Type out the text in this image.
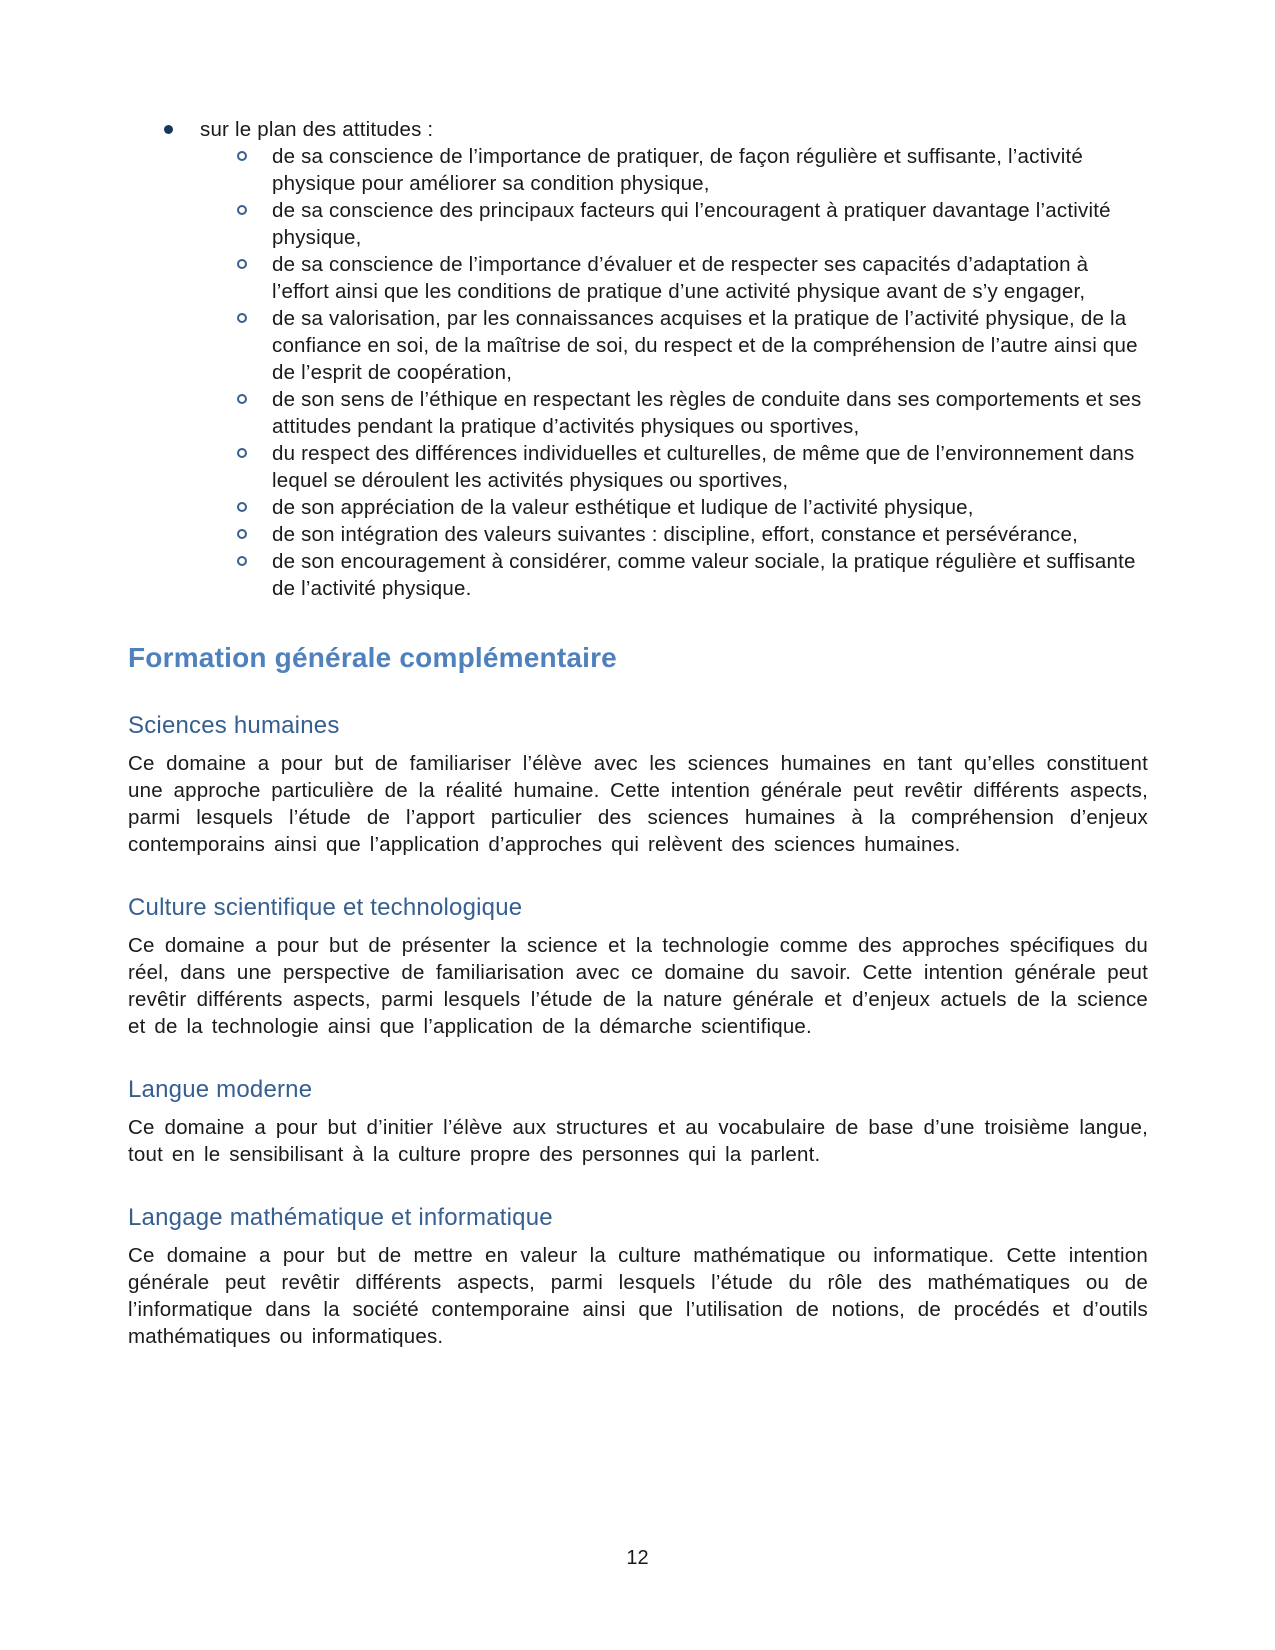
sur le plan des attitudes :
de sa conscience de l’importance de pratiquer, de façon régulière et suffisante, l’activité physique pour améliorer sa condition physique,
de sa conscience des principaux facteurs qui l’encouragent à pratiquer davantage l’activité physique,
de sa conscience de l’importance d’évaluer et de respecter ses capacités d’adaptation à l’effort ainsi que les conditions de pratique d’une activité physique avant de s’y engager,
de sa valorisation, par les connaissances acquises et la pratique de l’activité physique, de la confiance en soi, de la maîtrise de soi, du respect et de la compréhension de l’autre ainsi que de l’esprit de coopération,
de son sens de l’éthique en respectant les règles de conduite dans ses comportements et ses attitudes pendant la pratique d’activités physiques ou sportives,
du respect des différences individuelles et culturelles, de même que de l’environnement dans lequel se déroulent les activités physiques ou sportives,
de son appréciation de la valeur esthétique et ludique de l’activité physique,
de son intégration des valeurs suivantes : discipline, effort, constance et persévérance,
de son encouragement à considérer, comme valeur sociale, la pratique régulière et suffisante de l’activité physique.
Formation générale complémentaire
Sciences humaines

Ce domaine a pour but de familiariser l’élève avec les sciences humaines en tant qu’elles constituent une approche particulière de la réalité humaine. Cette intention générale peut revêtir différents aspects, parmi lesquels l’étude de l’apport particulier des sciences humaines à la compréhension d’enjeux contemporains ainsi que l’application d’approches qui relèvent des sciences humaines.

Culture scientifique et technologique

Ce domaine a pour but de présenter la science et la technologie comme des approches spécifiques du réel, dans une perspective de familiarisation avec ce domaine du savoir. Cette intention générale peut revêtir différents aspects, parmi lesquels l’étude de la nature générale et d’enjeux actuels de la science et de la technologie ainsi que l’application de la démarche scientifique.

Langue moderne

Ce domaine a pour but d’initier l’élève aux structures et au vocabulaire de base d’une troisième langue, tout en le sensibilisant à la culture propre des personnes qui la parlent.

Langage mathématique et informatique

Ce domaine a pour but de mettre en valeur la culture mathématique ou informatique. Cette intention générale peut revêtir différents aspects, parmi lesquels l’étude du rôle des mathématiques ou de l’informatique dans la société contemporaine ainsi que l’utilisation de notions, de procédés et d’outils mathématiques ou informatiques.

12
